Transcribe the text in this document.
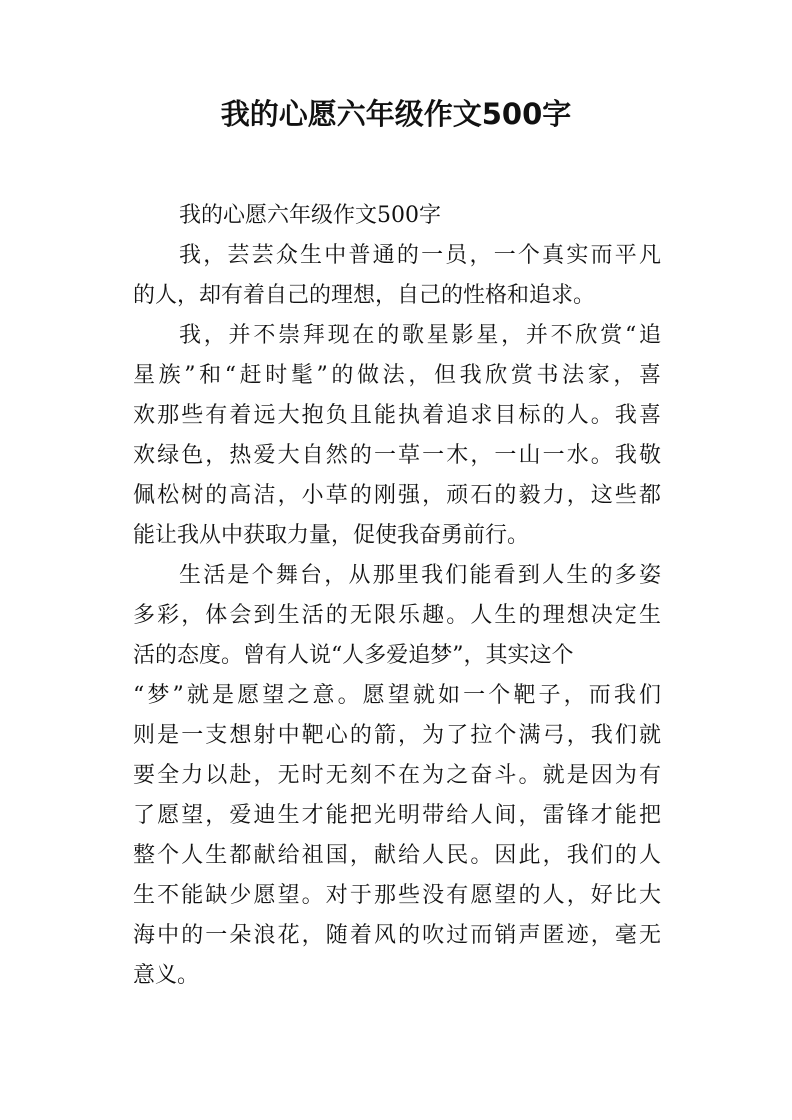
我的心愿六年级作文500字
我的心愿六年级作文500字
我，芸芸众生中普通的一员，一个真实而平凡
的人，却有着自己的理想，自己的性格和追求。
我，并不崇拜现在的歌星影星，并不欣赏“追
星族”和“赶时髦”的做法，但我欣赏书法家，喜
欢那些有着远大抱负且能执着追求目标的人。我喜
欢绿色，热爱大自然的一草一木，一山一水。我敬
佩松树的高洁，小草的刚强，顽石的毅力，这些都
能让我从中获取力量，促使我奋勇前行。
生活是个舞台，从那里我们能看到人生的多姿
多彩，体会到生活的无限乐趣。人生的理想决定生
活的态度。曾有人说“人多爱追梦”，其实这个
“梦”就是愿望之意。愿望就如一个靶子，而我们
则是一支想射中靶心的箭，为了拉个满弓，我们就
要全力以赴，无时无刻不在为之奋斗。就是因为有
了愿望，爱迪生才能把光明带给人间，雷锋才能把
整个人生都献给祖国，献给人民。因此，我们的人
生不能缺少愿望。对于那些没有愿望的人，好比大
海中的一朵浪花，随着风的吹过而销声匿迹，毫无
意义。
